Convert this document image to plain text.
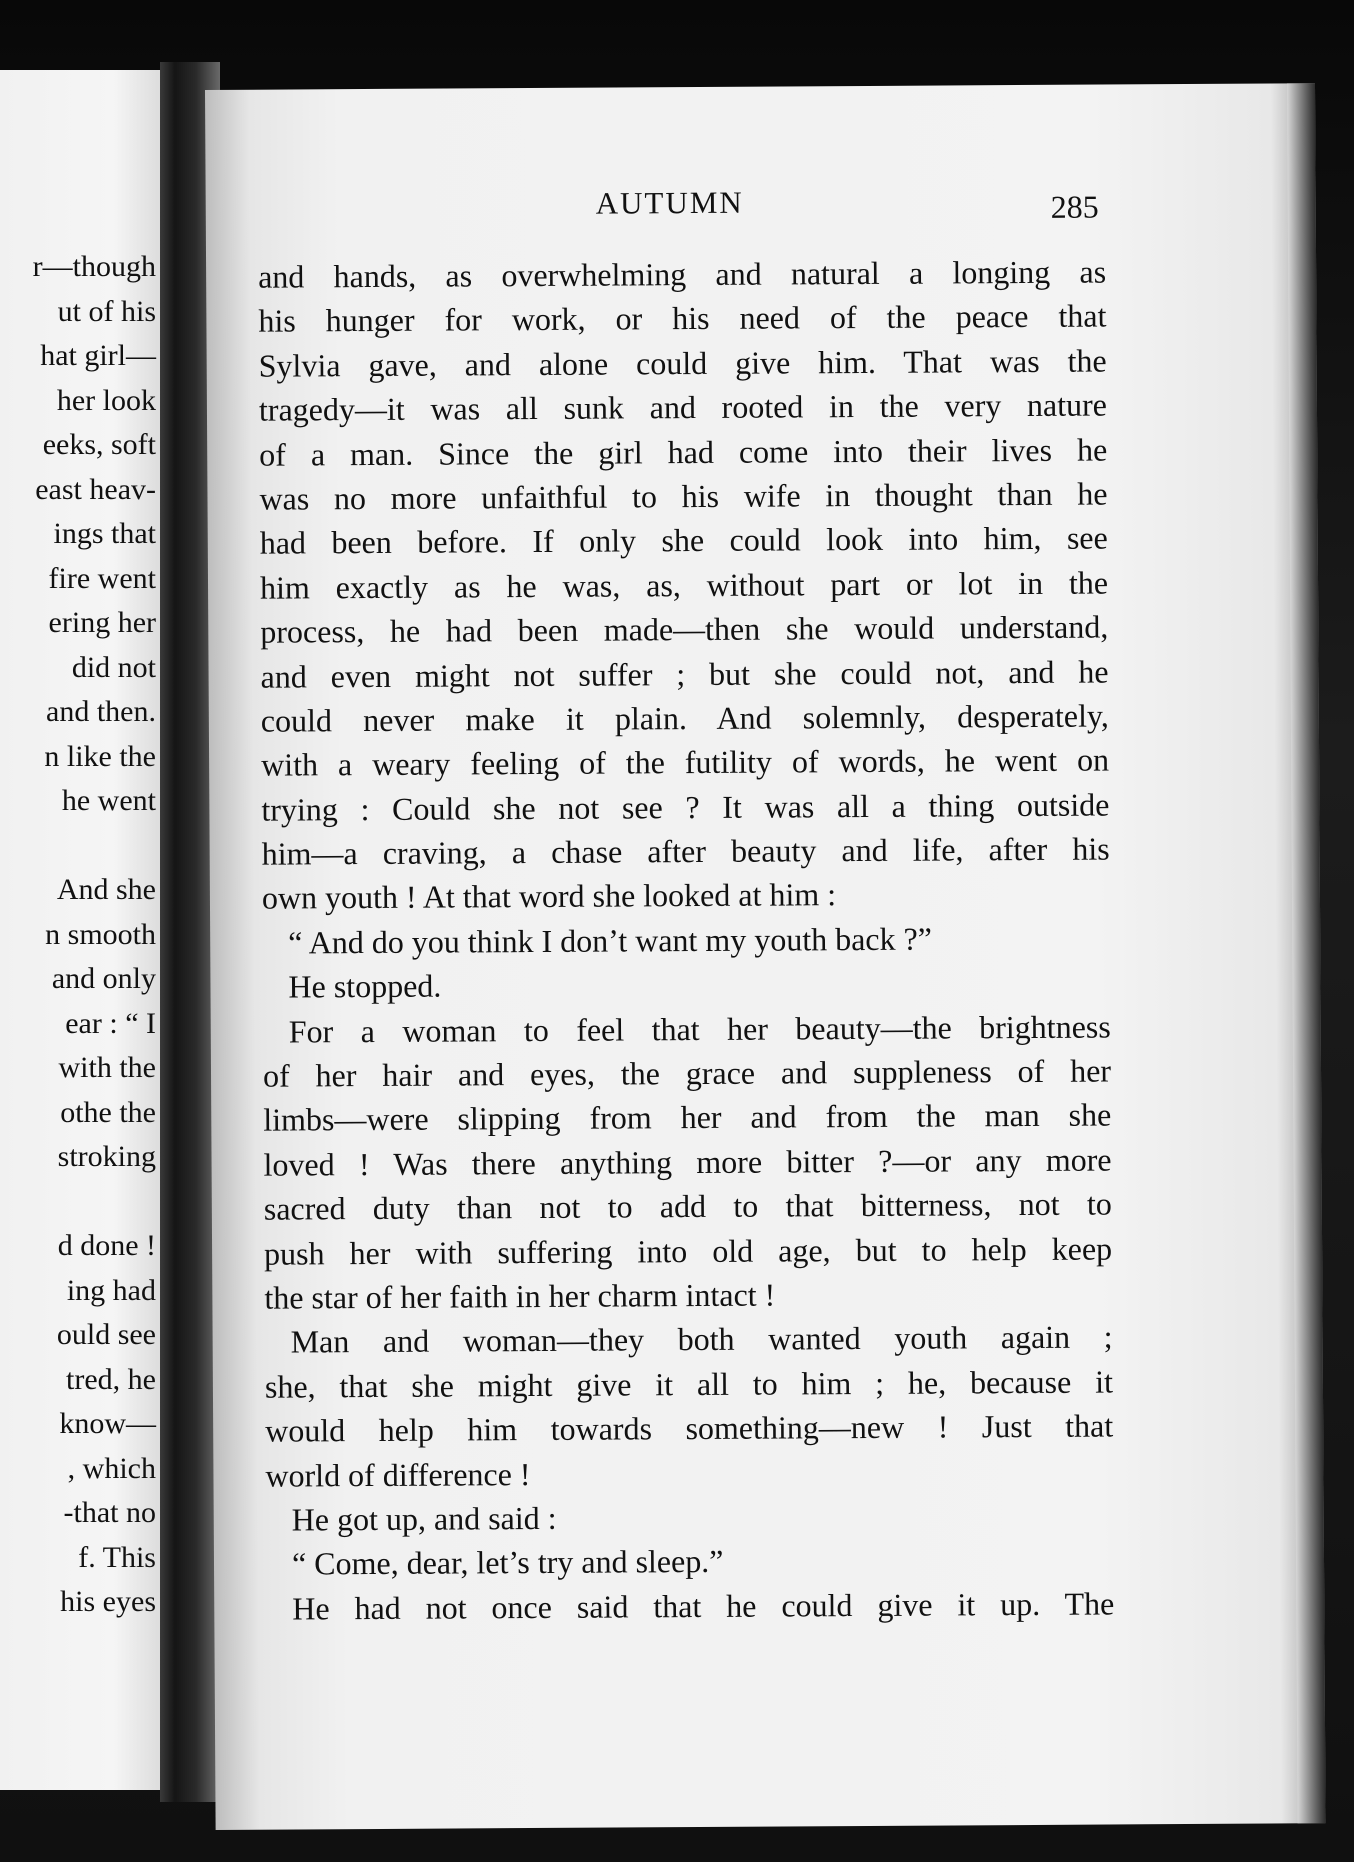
r—though
ut of his
hat girl—
her look
eeks, soft
east heav-
ings that
fire went
ering her
did not
and then.
n like the
he went
And she
n smooth
and only
ear : “ I
with the
othe the
stroking
d done !
ing had
ould see
tred, he
know—
, which
-that no
f. This
his eyes
AUTUMN	285
and hands, as overwhelming and natural a longing as
his hunger for work, or his need of the peace that
Sylvia gave, and alone could give him. That was the
tragedy—it was all sunk and rooted in the very nature
of a man. Since the girl had come into their lives he
was no more unfaithful to his wife in thought than he
had been before. If only she could look into him, see
him exactly as he was, as, without part or lot in the
process, he had been made—then she would understand,
and even might not suffer ; but she could not, and he
could never make it plain. And solemnly, desperately,
with a weary feeling of the futility of words, he went on
trying : Could she not see ? It was all a thing outside
him—a craving, a chase after beauty and life, after his
own youth ! At that word she looked at him :
“ And do you think I don’t want my youth back ?”
He stopped.
For a woman to feel that her beauty—the brightness
of her hair and eyes, the grace and suppleness of her
limbs—were slipping from her and from the man she
loved ! Was there anything more bitter ?—or any more
sacred duty than not to add to that bitterness, not to
push her with suffering into old age, but to help keep
the star of her faith in her charm intact !
Man and woman—they both wanted youth again ;
she, that she might give it all to him ; he, because it
would help him towards something—new ! Just that
world of difference !
He got up, and said :
“ Come, dear, let’s try and sleep.”
He had not once said that he could give it up. The
